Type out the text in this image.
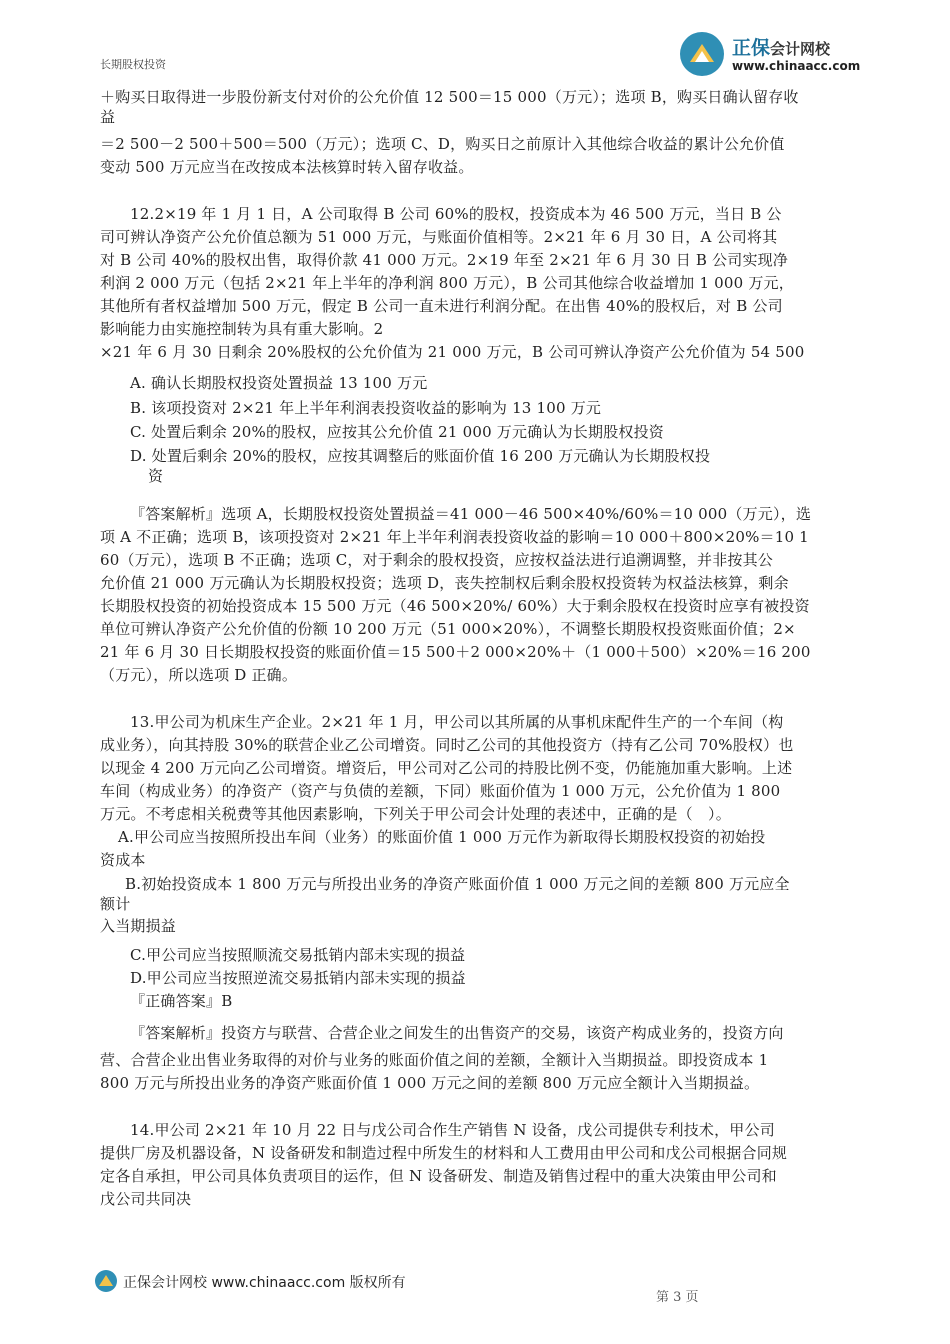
长期股权投资
正保会计网校
www.chinaacc.com
＋购买日取得进一步股份新支付对价的公允价值 12 500＝15 000（万元）；选项 B，购买日确认留存收
益
＝2 500－2 500＋500＝500（万元）；选项 C、D，购买日之前原计入其他综合收益的累计公允价值
变动 500 万元应当在改按成本法核算时转入留存收益。
12.2×19 年 1 月 1 日，A 公司取得 B 公司 60%的股权，投资成本为 46 500 万元，当日 B 公
司可辨认净资产公允价值总额为 51 000 万元，与账面价值相等。2×21 年 6 月 30 日，A 公司将其
对 B 公司 40%的股权出售，取得价款 41 000 万元。2×19 年至 2×21 年 6 月 30 日 B 公司实现净
利润 2 000 万元（包括 2×21 年上半年的净利润 800 万元），B 公司其他综合收益增加 1 000 万元，
其他所有者权益增加 500 万元，假定 B 公司一直未进行利润分配。在出售 40%的股权后，对 B 公司
影响能力由实施控制转为具有重大影响。2
×21 年 6 月 30 日剩余 20%股权的公允价值为 21 000 万元，B 公司可辨认净资产公允价值为 54 500
A. 确认长期股权投资处置损益 13 100 万元
B. 该项投资对 2×21 年上半年利润表投资收益的影响为 13 100 万元
C. 处置后剩余 20%的股权，应按其公允价值 21 000 万元确认为长期股权投资
D. 处置后剩余 20%的股权，应按其调整后的账面价值 16 200 万元确认为长期股权投
资
『答案解析』选项 A，长期股权投资处置损益＝41 000－46 500×40%/60%＝10 000（万元），选
项 A 不正确；选项 B，该项投资对 2×21 年上半年利润表投资收益的影响＝10 000＋800×20%＝10 1
60（万元），选项 B 不正确；选项 C，对于剩余的股权投资，应按权益法进行追溯调整，并非按其公
允价值 21 000 万元确认为长期股权投资；选项 D，丧失控制权后剩余股权投资转为权益法核算，剩余
长期股权投资的初始投资成本 15 500 万元（46 500×20%/ 60%）大于剩余股权在投资时应享有被投资
单位可辨认净资产公允价值的份额 10 200 万元（51 000×20%），不调整长期股权投资账面价值；2×
21 年 6 月 30 日长期股权投资的账面价值＝15 500＋2 000×20%＋（1 000＋500）×20%＝16 200
（万元），所以选项 D 正确。
13.甲公司为机床生产企业。2×21 年 1 月，甲公司以其所属的从事机床配件生产的一个车间（构
成业务），向其持股 30%的联营企业乙公司增资。同时乙公司的其他投资方（持有乙公司 70%股权）也
以现金 4 200 万元向乙公司增资。增资后，甲公司对乙公司的持股比例不变，仍能施加重大影响。上述
车间（构成业务）的净资产（资产与负债的差额，下同）账面价值为 1 000 万元，公允价值为 1 800
万元。不考虑相关税费等其他因素影响，下列关于甲公司会计处理的表述中，正确的是（　）。
A.甲公司应当按照所投出车间（业务）的账面价值 1 000 万元作为新取得长期股权投资的初始投
资成本
B.初始投资成本 1 800 万元与所投出业务的净资产账面价值 1 000 万元之间的差额 800 万元应全
额计
入当期损益
C.甲公司应当按照顺流交易抵销内部未实现的损益
D.甲公司应当按照逆流交易抵销内部未实现的损益
『正确答案』B
『答案解析』投资方与联营、合营企业之间发生的出售资产的交易，该资产构成业务的，投资方向
营、合营企业出售业务取得的对价与业务的账面价值之间的差额，全额计入当期损益。即投资成本 1
800 万元与所投出业务的净资产账面价值 1 000 万元之间的差额 800 万元应全额计入当期损益。
14.甲公司 2×21 年 10 月 22 日与戊公司合作生产销售 N 设备，戊公司提供专利技术，甲公司
提供厂房及机器设备，N 设备研发和制造过程中所发生的材料和人工费用由甲公司和戊公司根据合同规
定各自承担，甲公司具体负责项目的运作，但 N 设备研发、制造及销售过程中的重大决策由甲公司和
戊公司共同决
正保会计网校 www.chinaacc.com 版权所有
第 3 页
